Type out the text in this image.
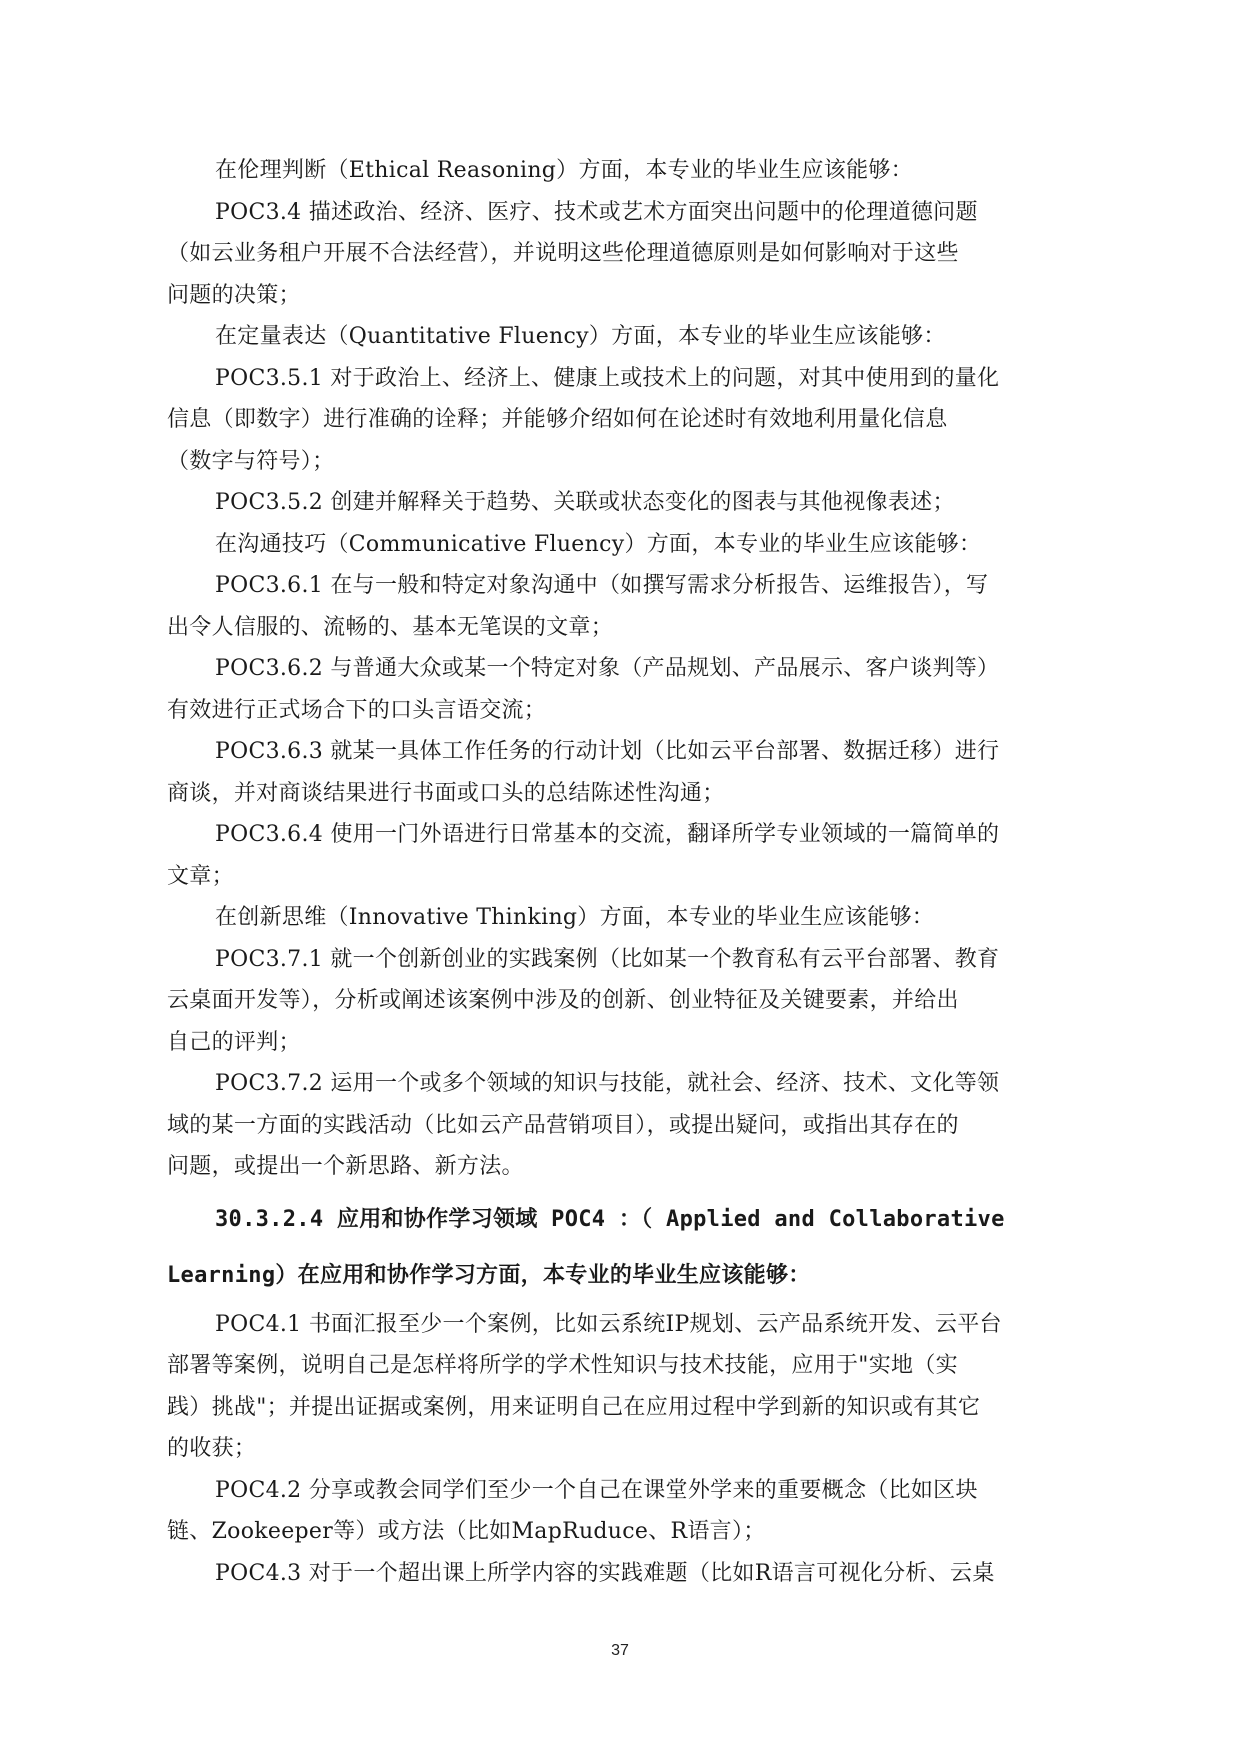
在伦理判断（Ethical Reasoning）方面，本专业的毕业生应该能够：
POC3.4 描述政治、经济、医疗、技术或艺术方面突出问题中的伦理道德问题
（如云业务租户开展不合法经营），并说明这些伦理道德原则是如何影响对于这些
问题的决策；
在定量表达（Quantitative Fluency）方面，本专业的毕业生应该能够：
POC3.5.1 对于政治上、经济上、健康上或技术上的问题，对其中使用到的量化
信息（即数字）进行准确的诠释；并能够介绍如何在论述时有效地利用量化信息
（数字与符号）；
POC3.5.2 创建并解释关于趋势、关联或状态变化的图表与其他视像表述；
在沟通技巧（Communicative Fluency）方面，本专业的毕业生应该能够：
POC3.6.1 在与一般和特定对象沟通中（如撰写需求分析报告、运维报告），写
出令人信服的、流畅的、基本无笔误的文章；
POC3.6.2 与普通大众或某一个特定对象（产品规划、产品展示、客户谈判等）
有效进行正式场合下的口头言语交流；
POC3.6.3 就某一具体工作任务的行动计划（比如云平台部署、数据迁移）进行
商谈，并对商谈结果进行书面或口头的总结陈述性沟通；
POC3.6.4 使用一门外语进行日常基本的交流，翻译所学专业领域的一篇简单的
文章；
在创新思维（Innovative Thinking）方面，本专业的毕业生应该能够：
POC3.7.1 就一个创新创业的实践案例（比如某一个教育私有云平台部署、教育
云桌面开发等），分析或阐述该案例中涉及的创新、创业特征及关键要素，并给出
自己的评判；
POC3.7.2 运用一个或多个领域的知识与技能，就社会、经济、技术、文化等领
域的某一方面的实践活动（比如云产品营销项目），或提出疑问，或指出其存在的
问题，或提出一个新思路、新方法。
30.3.2.4 应用和协作学习领域 POC4 ：（ Applied and Collaborative
Learning）在应用和协作学习方面，本专业的毕业生应该能够：
POC4.1 书面汇报至少一个案例，比如云系统IP规划、云产品系统开发、云平台
部署等案例，说明自己是怎样将所学的学术性知识与技术技能，应用于"实地（实
践）挑战"；并提出证据或案例，用来证明自己在应用过程中学到新的知识或有其它
的收获；
POC4.2 分享或教会同学们至少一个自己在课堂外学来的重要概念（比如区块
链、Zookeeper等）或方法（比如MapRuduce、R语言）；
POC4.3 对于一个超出课上所学内容的实践难题（比如R语言可视化分析、云桌
37
